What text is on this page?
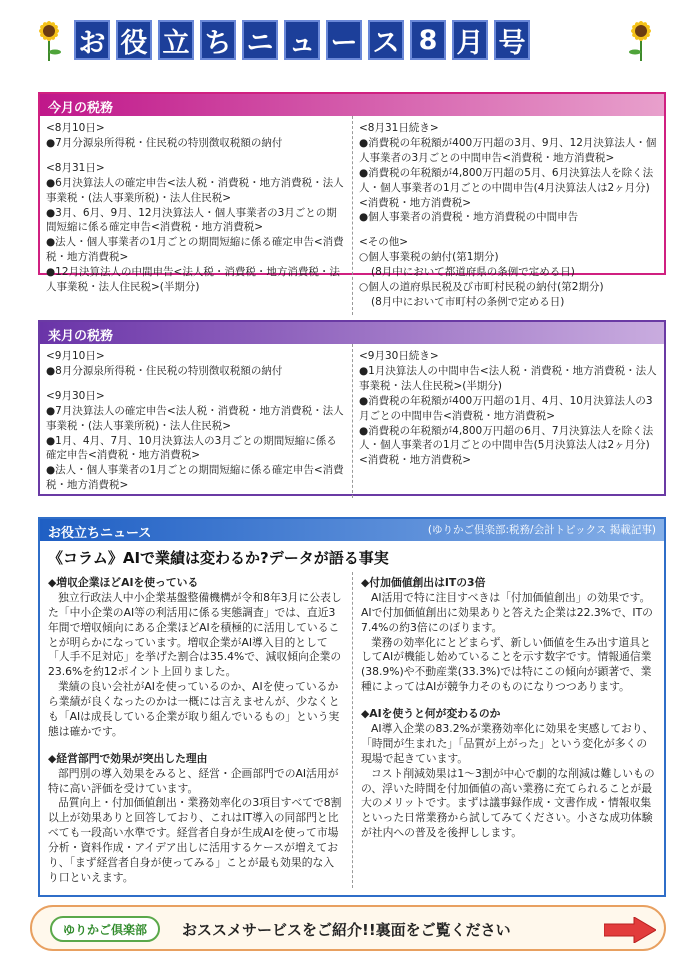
お 役 立 ち ニ ュ ー ス 8 月 号
今月の税務

<8月10日>

●7月分源泉所得税・住民税の特別徴収税額の納付

<8月31日>

●6月決算法人の確定申告<法人税・消費税・地方消費税・法人事業税・(法人事業所税)・法人住民税>

●3月、6月、9月、12月決算法人・個人事業者の3月ごとの期間短縮に係る確定申告<消費税・地方消費税>

●法人・個人事業者の1月ごとの期間短縮に係る確定申告<消費税・地方消費税>

●12月決算法人の中間申告<法人税・消費税・地方消費税・法人事業税・法人住民税>(半期分)

<8月31日続き>

●消費税の年税額が400万円超の3月、9月、12月決算法人・個人事業者の3月ごとの中間申告<消費税・地方消費税>

●消費税の年税額が4,800万円超の5月、6月決算法人を除く法人・個人事業者の1月ごとの中間申告(4月決算法人は2ヶ月分)<消費税・地方消費税>

●個人事業者の消費税・地方消費税の中間申告

<その他>

○個人事業税の納付(第1期分)

(8月中において都道府県の条例で定める日)

○個人の道府県民税及び市町村民税の納付(第2期分)

(8月中において市町村の条例で定める日)

来月の税務

<9月10日>

●8月分源泉所得税・住民税の特別徴収税額の納付

<9月30日>

●7月決算法人の確定申告<法人税・消費税・地方消費税・法人事業税・(法人事業所税)・法人住民税>

●1月、4月、7月、10月決算法人の3月ごとの期間短縮に係る確定申告<消費税・地方消費税>

●法人・個人事業者の1月ごとの期間短縮に係る確定申告<消費税・地方消費税>

<9月30日続き>

●1月決算法人の中間申告<法人税・消費税・地方消費税・法人事業税・法人住民税>(半期分)

●消費税の年税額が400万円超の1月、4月、10月決算法人の3月ごとの中間申告<消費税・地方消費税>

●消費税の年税額が4,800万円超の6月、7月決算法人を除く法人・個人事業者の1月ごとの中間申告(5月決算法人は2ヶ月分)<消費税・地方消費税>

お役立ちニュース	(ゆりかご倶楽部:税務/会計トピックス 掲載記事)
《コラム》AIで業績は変わるか?データが語る事実
◆増収企業ほどAIを使っている

独立行政法人中小企業基盤整備機構が令和8年3月に公表した「中小企業のAI等の利活用に係る実態調査」では、直近3年間で増収傾向にある企業ほどAIを積極的に活用していることが明らかになっています。増収企業がAI導入目的として「人手不足対応」を挙げた割合は35.4%で、減収傾向企業の23.6%を約12ポイント上回りました。

業績の良い会社がAIを使っているのか、AIを使っているから業績が良くなったのかは一概には言えませんが、少なくとも「AIは成長している企業が取り組んでいるもの」という実態は確かです。

◆経営部門で効果が突出した理由

部門別の導入効果をみると、経営・企画部門でのAI活用が特に高い評価を受けています。

品質向上・付加価値創出・業務効率化の3項目すべてで8割以上が効果ありと回答しており、これはIT導入の同部門と比べても一段高い水準です。経営者自身が生成AIを使って市場分析・資料作成・アイデア出しに活用するケースが増えており、「まず経営者自身が使ってみる」ことが最も効果的な入り口といえます。

◆付加価値創出はITの3倍

AI活用で特に注目すべきは「付加価値創出」の効果です。AIで付加価値創出に効果ありと答えた企業は22.3%で、ITの7.4%の約3倍にのぼります。

業務の効率化にとどまらず、新しい価値を生み出す道具としてAIが機能し始めていることを示す数字です。情報通信業(38.9%)や不動産業(33.3%)では特にこの傾向が顕著で、業種によってはAIが競争力そのものになりつつあります。

◆AIを使うと何が変わるのか

AI導入企業の83.2%が業務効率化に効果を実感しており、「時間が生まれた」「品質が上がった」という変化が多くの現場で起きています。

コスト削減効果は1〜3割が中心で劇的な削減は難しいものの、浮いた時間を付加価値の高い業務に充てられることが最大のメリットです。まずは議事録作成・文書作成・情報収集といった日常業務から試してみてください。小さな成功体験が社内への普及を後押しします。

ゆりかご倶楽部	おススメサービスをご紹介!!裏面をご覧ください
